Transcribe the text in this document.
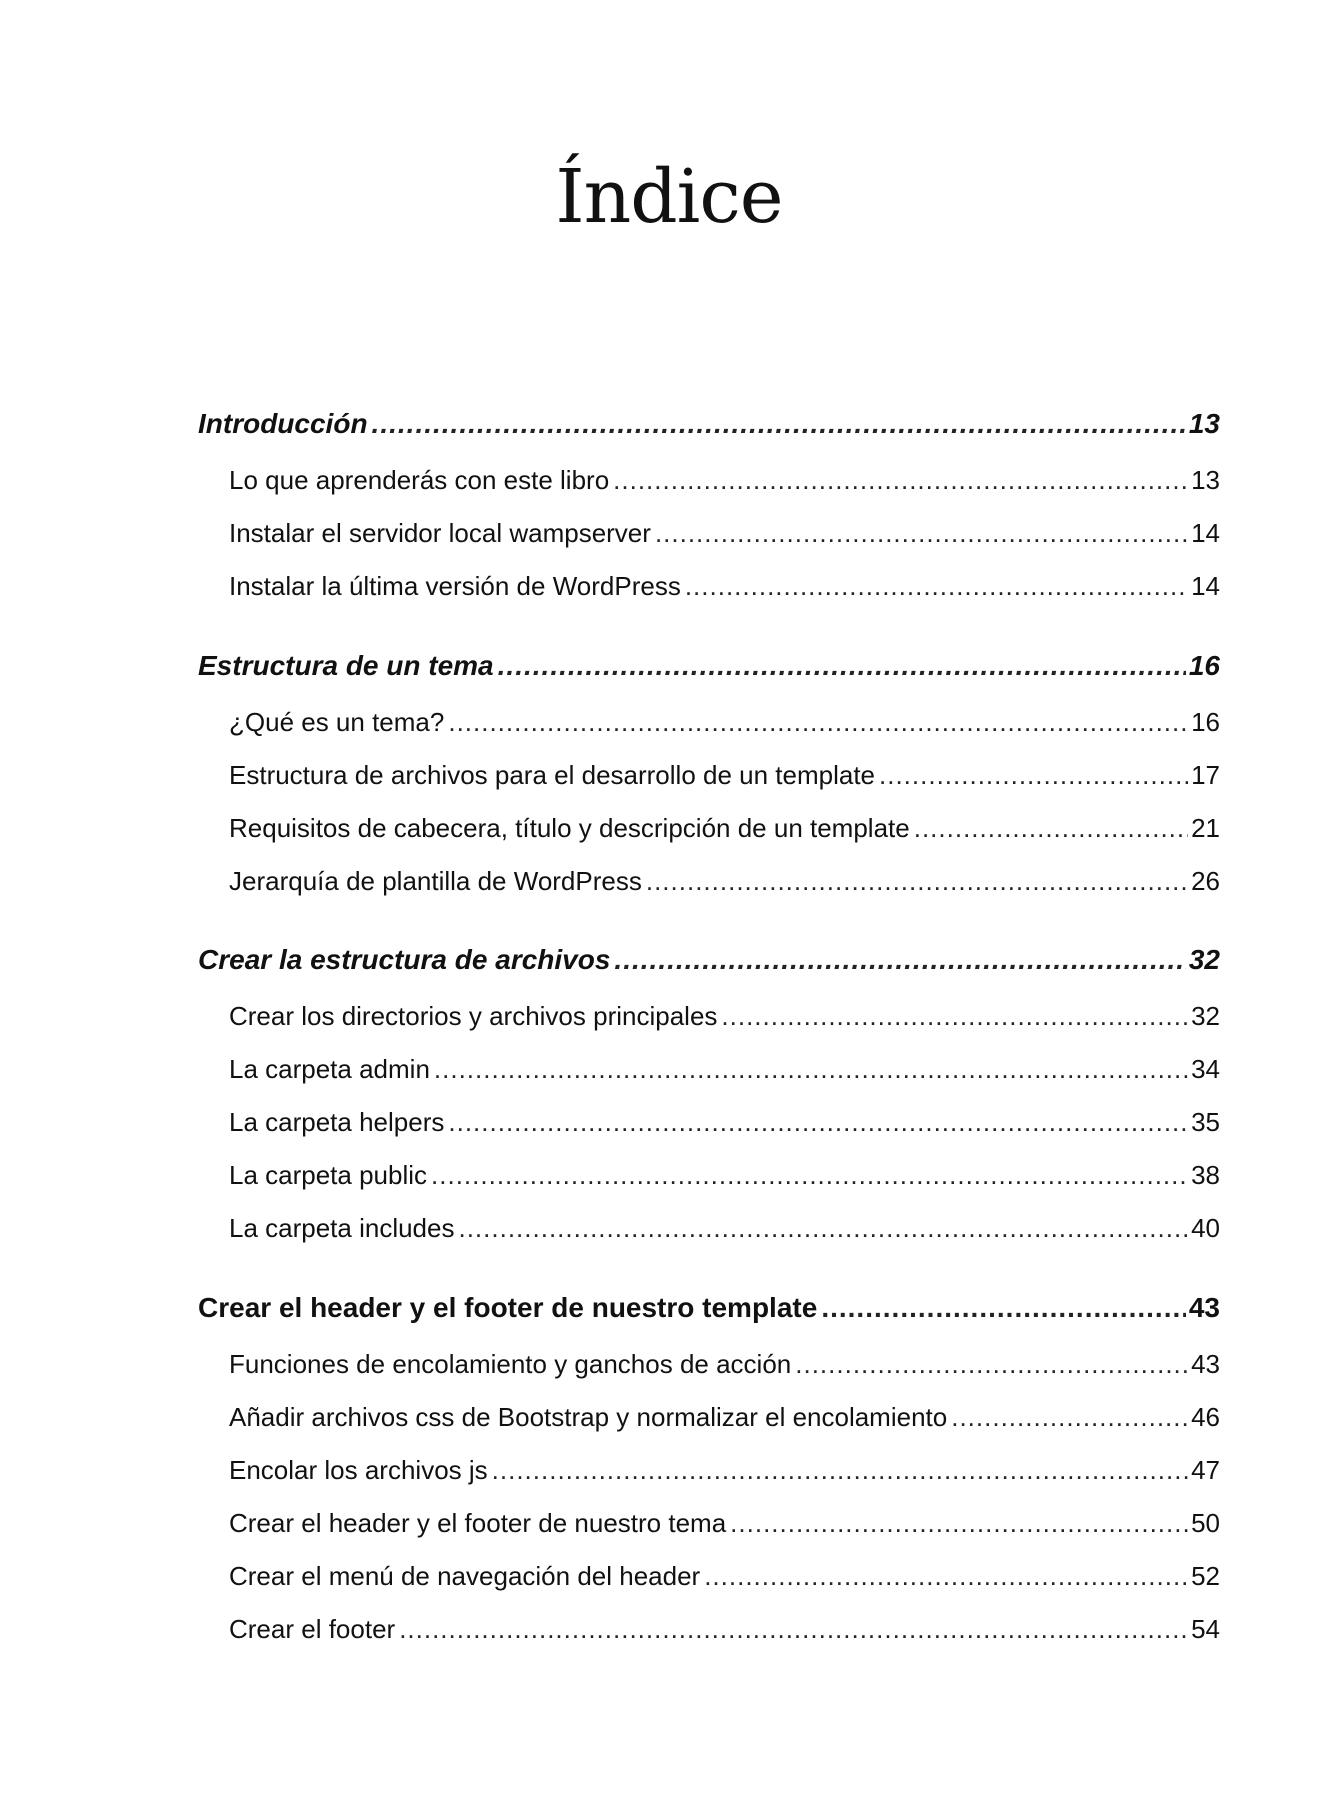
Índice
Introducción .....	13
Lo que aprenderás con este libro .....	13
Instalar el servidor local wampserver .....	14
Instalar la última versión de WordPress .....	14
Estructura de un tema .....	16
¿Qué es un tema? .....	16
Estructura de archivos para el desarrollo de un template .....	17
Requisitos de cabecera, título y descripción de un template .....	21
Jerarquía de plantilla de WordPress .....	26
Crear la estructura de archivos .....	32
Crear los directorios y archivos principales .....	32
La carpeta admin .....	34
La carpeta helpers .....	35
La carpeta public .....	38
La carpeta includes .....	40
Crear el header y el footer de nuestro template .....	43
Funciones de encolamiento y ganchos de acción .....	43
Añadir archivos css de Bootstrap y normalizar el encolamiento .....	46
Encolar los archivos js .....	47
Crear el header y el footer de nuestro tema .....	50
Crear el menú de navegación del header .....	52
Crear el footer .....	54
